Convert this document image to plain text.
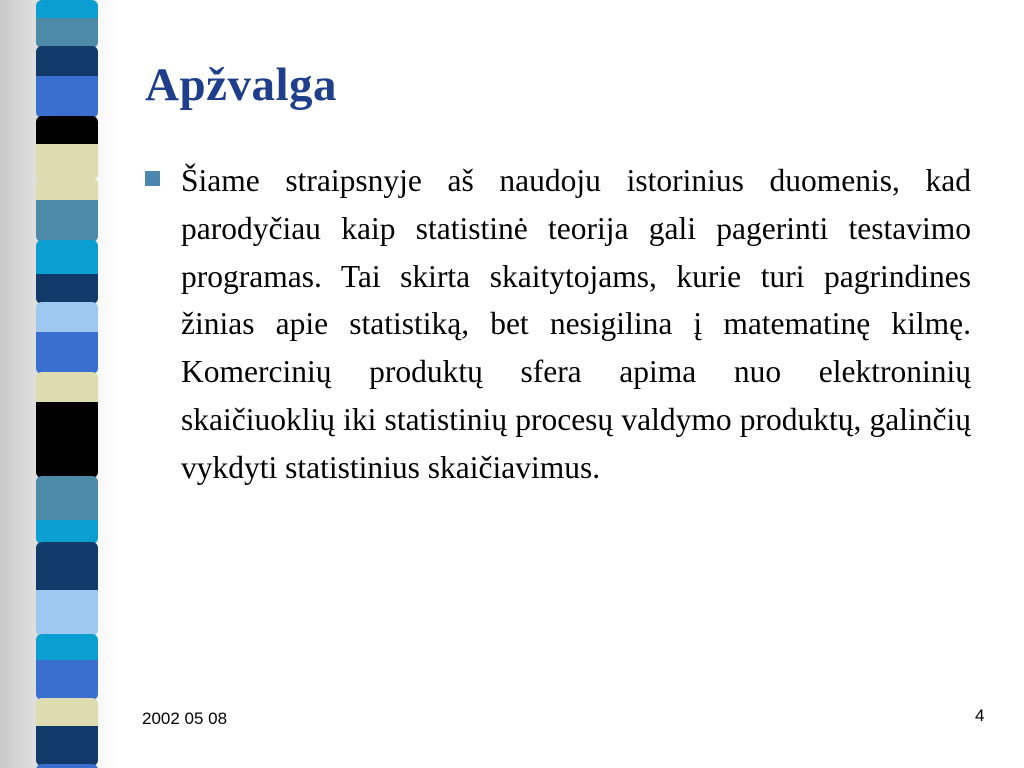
Apžvalga
Šiame straipsnyje aš naudoju istorinius duomenis, kad parodyčiau kaip statistinė teorija gali pagerinti testavimo programas. Tai skirta skaitytojams, kurie turi pagrindines žinias apie statistiką, bet nesigilina į matematinę kilmę. Komercinių produktų sfera apima nuo elektroninių skaičiuoklių iki statistinių procesų valdymo produktų, galinčių vykdyti statistinius skaičiavimus.
2002 05 08	4
